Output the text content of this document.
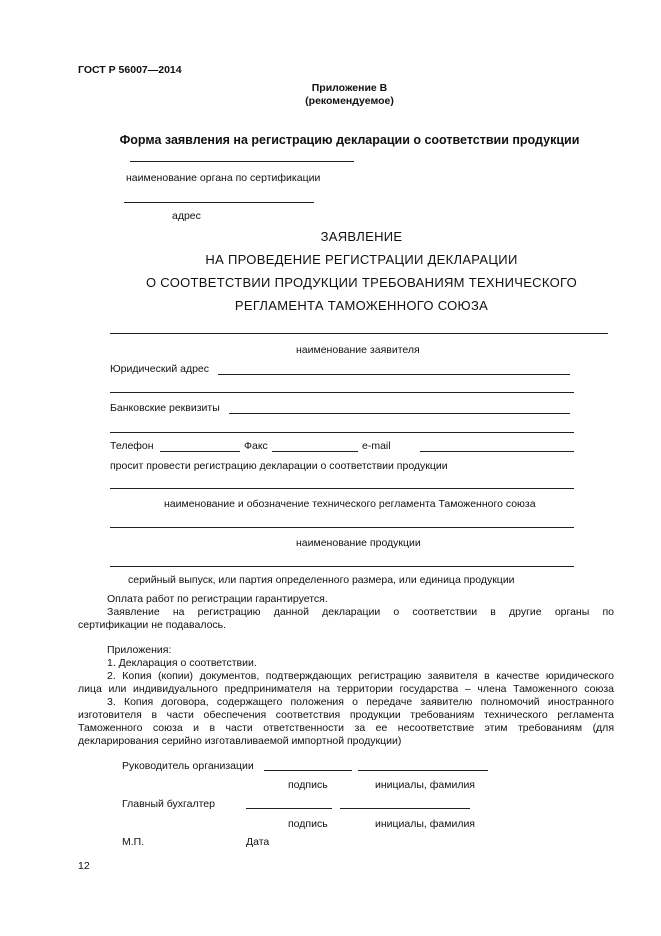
ГОСТ Р 56007—2014
Приложение В
(рекомендуемое)
Форма заявления на регистрацию декларации о соответствии продукции
наименование органа по сертификации
адрес
ЗАЯВЛЕНИЕ
НА ПРОВЕДЕНИЕ РЕГИСТРАЦИИ ДЕКЛАРАЦИИ
О СООТВЕТСТВИИ ПРОДУКЦИИ ТРЕБОВАНИЯМ ТЕХНИЧЕСКОГО
РЕГЛАМЕНТА ТАМОЖЕННОГО СОЮЗА
наименование заявителя
Юридический адрес
Банковские реквизиты
Телефон	Факс	e-mail
просит провести регистрацию декларации о соответствии продукции
наименование и обозначение технического регламента Таможенного союза
наименование продукции
серийный выпуск, или партия определенного размера, или единица продукции
Оплата работ по регистрации гарантируется.
Заявление на регистрацию данной декларации о соответствии в другие органы по
сертификации не подавалось.
Приложения:
1. Декларация о соответствии.
2. Копия (копии) документов, подтверждающих регистрацию заявителя в качестве юридического
лица или индивидуального предпринимателя на территории государства – члена Таможенного союза
3. Копия договора, содержащего положения о передаче заявителю полномочий иностранного
изготовителя в части обеспечения соответствия продукции требованиям технического регламента
Таможенного союза и в части ответственности за ее несоответствие этим требованиям (для
декларирования серийно изготавливаемой импортной продукции)
Руководитель организации
подпись	инициалы, фамилия
Главный бухгалтер
подпись	инициалы, фамилия
М.П.	Дата
12
